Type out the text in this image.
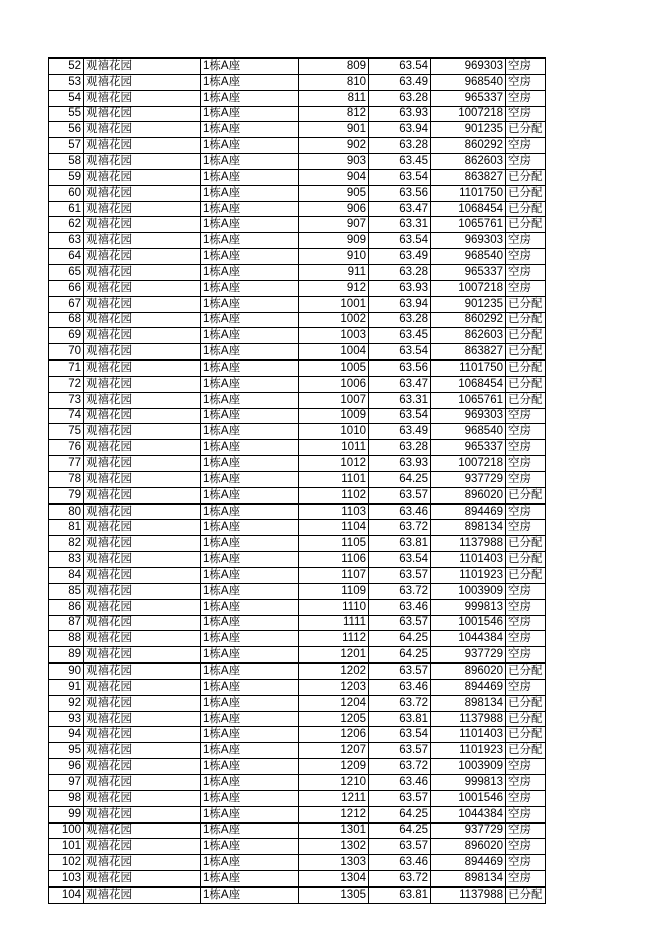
52	观禧花园	1栋A座	809	63.54	969303	空房
53	观禧花园	1栋A座	810	63.49	968540	空房
54	观禧花园	1栋A座	811	63.28	965337	空房
55	观禧花园	1栋A座	812	63.93	1007218	空房
56	观禧花园	1栋A座	901	63.94	901235	已分配
57	观禧花园	1栋A座	902	63.28	860292	空房
58	观禧花园	1栋A座	903	63.45	862603	空房
59	观禧花园	1栋A座	904	63.54	863827	已分配
60	观禧花园	1栋A座	905	63.56	1101750	已分配
61	观禧花园	1栋A座	906	63.47	1068454	已分配
62	观禧花园	1栋A座	907	63.31	1065761	已分配
63	观禧花园	1栋A座	909	63.54	969303	空房
64	观禧花园	1栋A座	910	63.49	968540	空房
65	观禧花园	1栋A座	911	63.28	965337	空房
66	观禧花园	1栋A座	912	63.93	1007218	空房
67	观禧花园	1栋A座	1001	63.94	901235	已分配
68	观禧花园	1栋A座	1002	63.28	860292	已分配
69	观禧花园	1栋A座	1003	63.45	862603	已分配
70	观禧花园	1栋A座	1004	63.54	863827	已分配
71	观禧花园	1栋A座	1005	63.56	1101750	已分配
72	观禧花园	1栋A座	1006	63.47	1068454	已分配
73	观禧花园	1栋A座	1007	63.31	1065761	已分配
74	观禧花园	1栋A座	1009	63.54	969303	空房
75	观禧花园	1栋A座	1010	63.49	968540	空房
76	观禧花园	1栋A座	1011	63.28	965337	空房
77	观禧花园	1栋A座	1012	63.93	1007218	空房
78	观禧花园	1栋A座	1101	64.25	937729	空房
79	观禧花园	1栋A座	1102	63.57	896020	已分配
80	观禧花园	1栋A座	1103	63.46	894469	空房
81	观禧花园	1栋A座	1104	63.72	898134	空房
82	观禧花园	1栋A座	1105	63.81	1137988	已分配
83	观禧花园	1栋A座	1106	63.54	1101403	已分配
84	观禧花园	1栋A座	1107	63.57	1101923	已分配
85	观禧花园	1栋A座	1109	63.72	1003909	空房
86	观禧花园	1栋A座	1110	63.46	999813	空房
87	观禧花园	1栋A座	1111	63.57	1001546	空房
88	观禧花园	1栋A座	1112	64.25	1044384	空房
89	观禧花园	1栋A座	1201	64.25	937729	空房
90	观禧花园	1栋A座	1202	63.57	896020	已分配
91	观禧花园	1栋A座	1203	63.46	894469	空房
92	观禧花园	1栋A座	1204	63.72	898134	已分配
93	观禧花园	1栋A座	1205	63.81	1137988	已分配
94	观禧花园	1栋A座	1206	63.54	1101403	已分配
95	观禧花园	1栋A座	1207	63.57	1101923	已分配
96	观禧花园	1栋A座	1209	63.72	1003909	空房
97	观禧花园	1栋A座	1210	63.46	999813	空房
98	观禧花园	1栋A座	1211	63.57	1001546	空房
99	观禧花园	1栋A座	1212	64.25	1044384	空房
100	观禧花园	1栋A座	1301	64.25	937729	空房
101	观禧花园	1栋A座	1302	63.57	896020	空房
102	观禧花园	1栋A座	1303	63.46	894469	空房
103	观禧花园	1栋A座	1304	63.72	898134	空房
104	观禧花园	1栋A座	1305	63.81	1137988	已分配
